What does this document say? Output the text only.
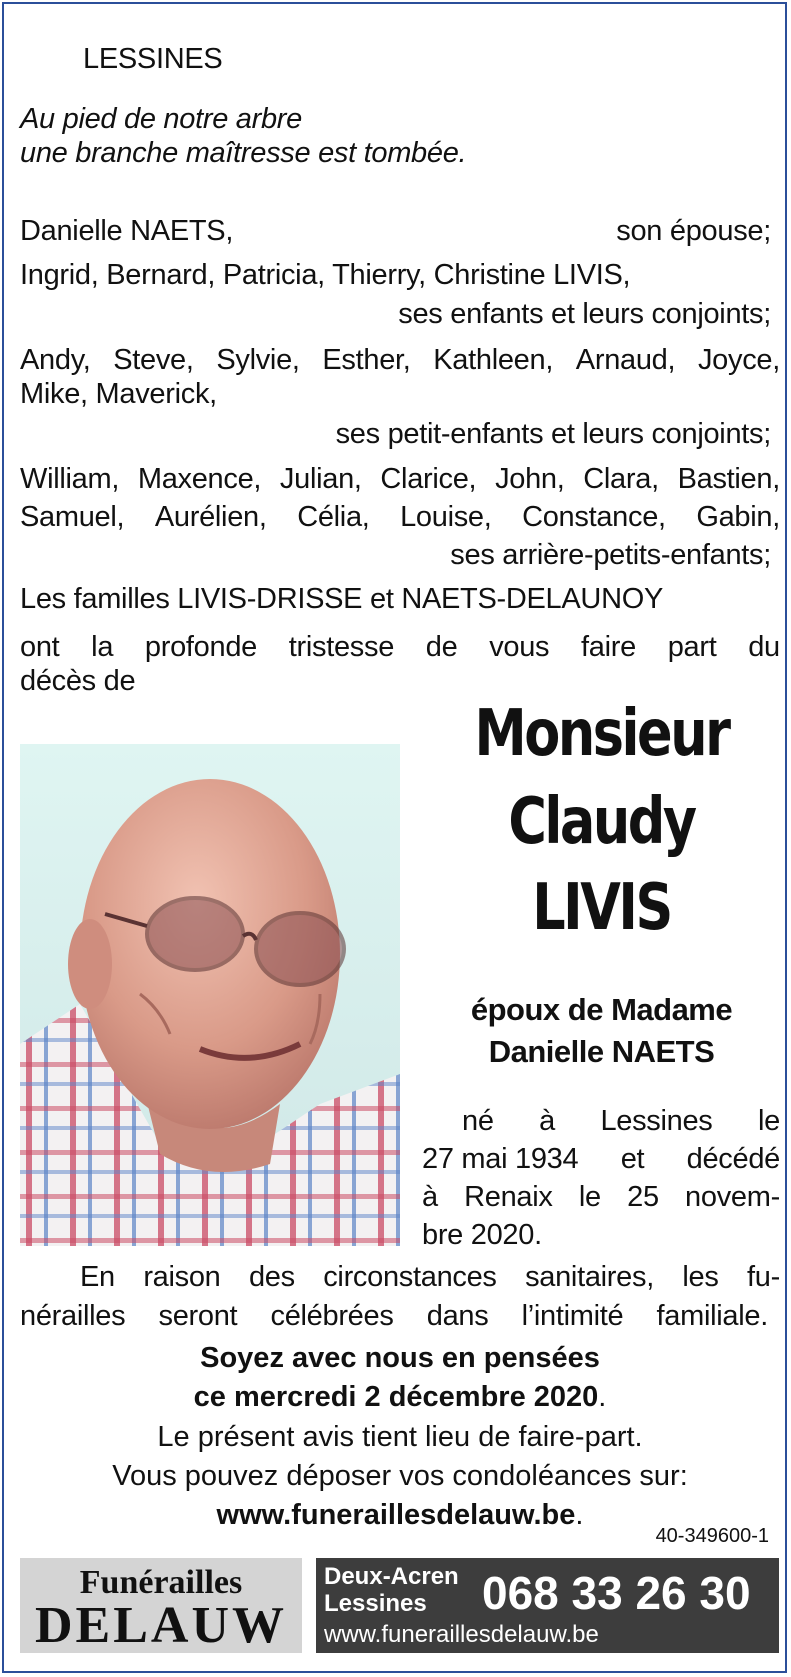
LESSINES
Au pied de notre arbre
une branche maîtresse est tombée.
Danielle NAETS,	son épouse;
Ingrid, Bernard, Patricia, Thierry, Christine LIVIS,
ses enfants et leurs conjoints;
Andy, Steve, Sylvie, Esther, Kathleen, Arnaud, Joyce,
Mike, Maverick,
ses petit-enfants et leurs conjoints;
William, Maxence, Julian, Clarice, John, Clara, Bastien,
Samuel, Aurélien, Célia, Louise, Constance, Gabin,
ses arrière-petits-enfants;
Les familles LIVIS-DRISSE et NAETS-DELAUNOY
ont la profonde tristesse de vous faire part du
décès de
Monsieur
Claudy
LIVIS
époux de Madame
Danielle NAETS
né à Lessines le
27 mai 1934 et décédé
à Renaix le 25 novem-
bre 2020.
En raison des circonstances sanitaires, les fu-
nérailles seront célébrées dans l’intimité familiale.
Soyez avec nous en pensées
ce mercredi 2 décembre 2020.
Le présent avis tient lieu de faire-part.
Vous pouvez déposer vos condoléances sur:
www.funeraillesdelauw.be.
40-349600-1
Funérailles
DELAUW
Deux-Acren
Lessines 068 33 26 30
www.funeraillesdelauw.be
